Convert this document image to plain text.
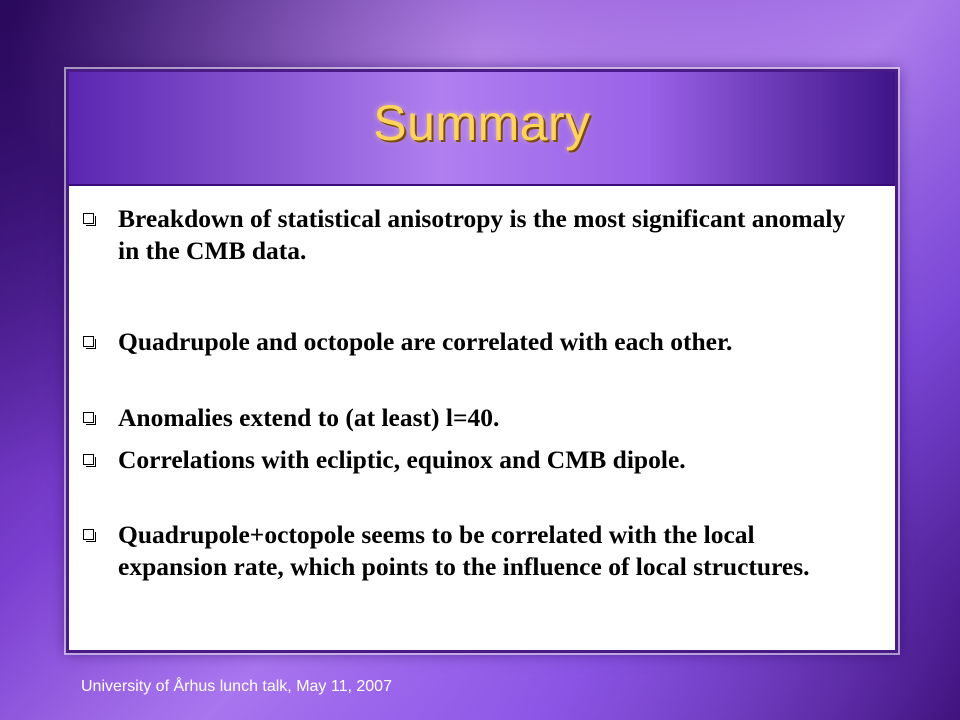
Summary
Breakdown of statistical anisotropy is the most significant anomaly in the CMB data.
Quadrupole and octopole are correlated with each other.
Anomalies extend to (at least) l=40.
Correlations with ecliptic, equinox and CMB dipole.
Quadrupole+octopole seems to be correlated with the local expansion rate, which points to the influence of local structures.
University of Århus lunch talk, May 11, 2007
